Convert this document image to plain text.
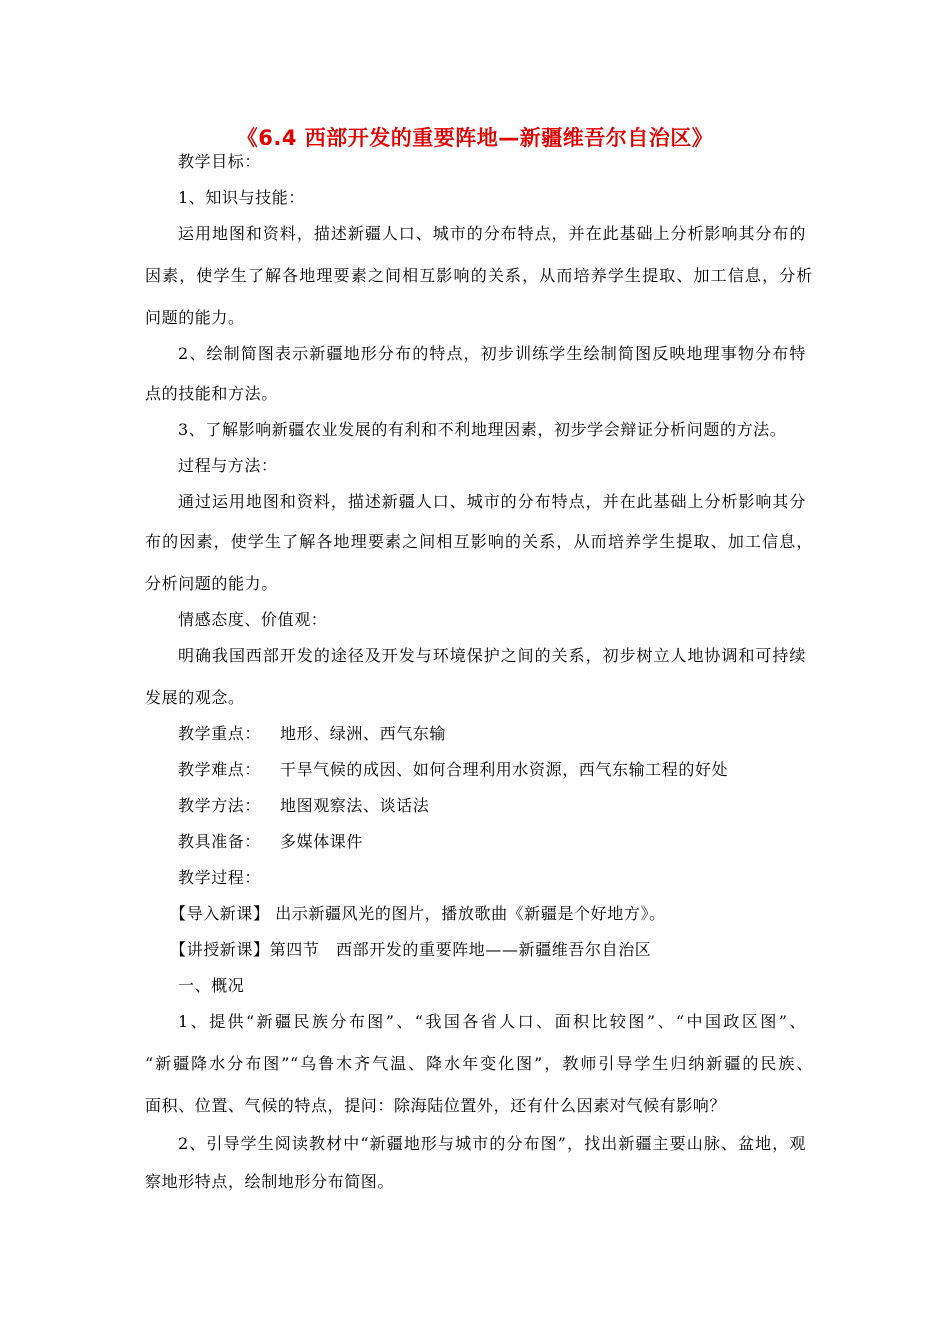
《6.4 西部开发的重要阵地—新疆维吾尔自治区》
教学目标：
1、知识与技能：
运用地图和资料，描述新疆人口、城市的分布特点，并在此基础上分析影响其分布的
因素，使学生了解各地理要素之间相互影响的关系，从而培养学生提取、加工信息，分析
问题的能力。
2、绘制简图表示新疆地形分布的特点，初步训练学生绘制简图反映地理事物分布特
点的技能和方法。
3、了解影响新疆农业发展的有利和不利地理因素，初步学会辩证分析问题的方法。
过程与方法：
通过运用地图和资料，描述新疆人口、城市的分布特点，并在此基础上分析影响其分
布的因素，使学生了解各地理要素之间相互影响的关系，从而培养学生提取、加工信息，
分析问题的能力。
情感态度、价值观：
明确我国西部开发的途径及开发与环境保护之间的关系，初步树立人地协调和可持续
发展的观念。
教学重点： 地形、绿洲、西气东输
教学难点： 干旱气候的成因、如何合理利用水资源，西气东输工程的好处
教学方法： 地图观察法、谈话法
教具准备： 多媒体课件
教学过程：
【导入新课】 出示新疆风光的图片，播放歌曲《新疆是个好地方》。
【讲授新课】第四节　西部开发的重要阵地——新疆维吾尔自治区
一、概况
1、提供“新疆民族分布图”、“我国各省人口、面积比较图”、“中国政区图”、
“新疆降水分布图”“乌鲁木齐气温、降水年变化图”，教师引导学生归纳新疆的民族、
面积、位置、气候的特点，提问：除海陆位置外，还有什么因素对气候有影响？
2、引导学生阅读教材中“新疆地形与城市的分布图”，找出新疆主要山脉、盆地，观
察地形特点，绘制地形分布简图。
